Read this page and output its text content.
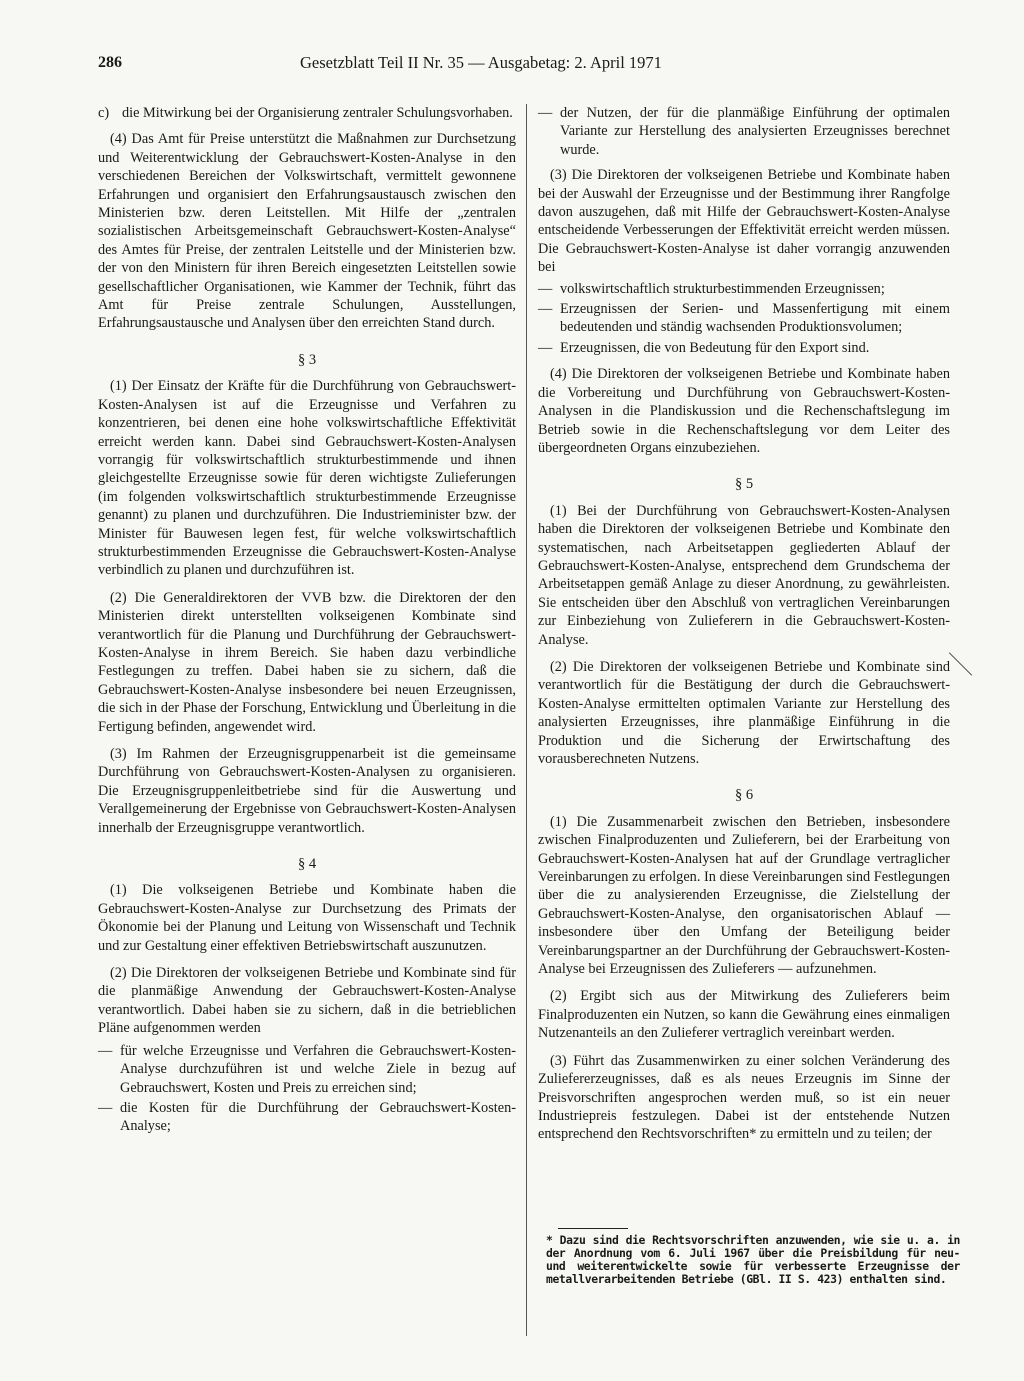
286	Gesetzblatt Teil II Nr. 35 — Ausgabetag: 2. April 1971
c) die Mitwirkung bei der Organisierung zentraler Schulungsvorhaben.

(4) Das Amt für Preise unterstützt die Maßnahmen zur Durchsetzung und Weiterentwicklung der Gebrauchswert-Kosten-Analyse in den verschiedenen Bereichen der Volkswirtschaft, vermittelt gewonnene Erfahrungen und organisiert den Erfahrungsaustausch zwischen den Ministerien bzw. deren Leitstellen. Mit Hilfe der „zentralen sozialistischen Arbeitsgemeinschaft Gebrauchswert-Kosten-Analyse“ des Amtes für Preise, der zentralen Leitstelle und der Ministerien bzw. der von den Ministern für ihren Bereich eingesetzten Leitstellen sowie gesellschaftlicher Organisationen, wie Kammer der Technik, führt das Amt für Preise zentrale Schulungen, Ausstellungen, Erfahrungsaustausche und Analysen über den erreichten Stand durch.

§ 3

(1) Der Einsatz der Kräfte für die Durchführung von Gebrauchswert-Kosten-Analysen ist auf die Erzeugnisse und Verfahren zu konzentrieren, bei denen eine hohe volkswirtschaftliche Effektivität erreicht werden kann. Dabei sind Gebrauchswert-Kosten-Analysen vorrangig für volkswirtschaftlich strukturbestimmende und ihnen gleichgestellte Erzeugnisse sowie für deren wichtigste Zulieferungen (im folgenden volkswirtschaftlich strukturbestimmende Erzeugnisse genannt) zu planen und durchzuführen. Die Industrieminister bzw. der Minister für Bauwesen legen fest, für welche volkswirtschaftlich strukturbestimmenden Erzeugnisse die Gebrauchswert-Kosten-Analyse verbindlich zu planen und durchzuführen ist.

(2) Die Generaldirektoren der VVB bzw. die Direktoren der den Ministerien direkt unterstellten volkseigenen Kombinate sind verantwortlich für die Planung und Durchführung der Gebrauchswert-Kosten-Analyse in ihrem Bereich. Sie haben dazu verbindliche Festlegungen zu treffen. Dabei haben sie zu sichern, daß die Gebrauchswert-Kosten-Analyse insbesondere bei neuen Erzeugnissen, die sich in der Phase der Forschung, Entwicklung und Überleitung in die Fertigung befinden, angewendet wird.

(3) Im Rahmen der Erzeugnisgruppenarbeit ist die gemeinsame Durchführung von Gebrauchswert-Kosten-Analysen zu organisieren. Die Erzeugnisgruppenleitbetriebe sind für die Auswertung und Verallgemeinerung der Ergebnisse von Gebrauchswert-Kosten-Analysen innerhalb der Erzeugnisgruppe verantwortlich.

§ 4

(1) Die volkseigenen Betriebe und Kombinate haben die Gebrauchswert-Kosten-Analyse zur Durchsetzung des Primats der Ökonomie bei der Planung und Leitung von Wissenschaft und Technik und zur Gestaltung einer effektiven Betriebswirtschaft auszunutzen.

(2) Die Direktoren der volkseigenen Betriebe und Kombinate sind für die planmäßige Anwendung der Gebrauchswert-Kosten-Analyse verantwortlich. Dabei haben sie zu sichern, daß in die betrieblichen Pläne aufgenommen werden

— für welche Erzeugnisse und Verfahren die Gebrauchswert-Kosten-Analyse durchzuführen ist und welche Ziele in bezug auf Gebrauchswert, Kosten und Preis zu erreichen sind;
— die Kosten für die Durchführung der Gebrauchswert-Kosten-Analyse;
— der Nutzen, der für die planmäßige Einführung der optimalen Variante zur Herstellung des analysierten Erzeugnisses berechnet wurde.

(3) Die Direktoren der volkseigenen Betriebe und Kombinate haben bei der Auswahl der Erzeugnisse und der Bestimmung ihrer Rangfolge davon auszugehen, daß mit Hilfe der Gebrauchswert-Kosten-Analyse entscheidende Verbesserungen der Effektivität erreicht werden müssen. Die Gebrauchswert-Kosten-Analyse ist daher vorrangig anzuwenden bei

— volkswirtschaftlich strukturbestimmenden Erzeugnissen;
— Erzeugnissen der Serien- und Massenfertigung mit einem bedeutenden und ständig wachsenden Produktionsvolumen;
— Erzeugnissen, die von Bedeutung für den Export sind.

(4) Die Direktoren der volkseigenen Betriebe und Kombinate haben die Vorbereitung und Durchführung von Gebrauchswert-Kosten-Analysen in die Plandiskussion und die Rechenschaftslegung im Betrieb sowie in die Rechenschaftslegung vor dem Leiter des übergeordneten Organs einzubeziehen.

§ 5

(1) Bei der Durchführung von Gebrauchswert-Kosten-Analysen haben die Direktoren der volkseigenen Betriebe und Kombinate den systematischen, nach Arbeitsetappen gegliederten Ablauf der Gebrauchswert-Kosten-Analyse, entsprechend dem Grundschema der Arbeitsetappen gemäß Anlage zu dieser Anordnung, zu gewährleisten. Sie entscheiden über den Abschluß von vertraglichen Vereinbarungen zur Einbeziehung von Zulieferern in die Gebrauchswert-Kosten-Analyse.

(2) Die Direktoren der volkseigenen Betriebe und Kombinate sind verantwortlich für die Bestätigung der durch die Gebrauchswert-Kosten-Analyse ermittelten optimalen Variante zur Herstellung des analysierten Erzeugnisses, ihre planmäßige Einführung in die Produktion und die Sicherung der Erwirtschaftung des vorausberechneten Nutzens.

§ 6

(1) Die Zusammenarbeit zwischen den Betrieben, insbesondere zwischen Finalproduzenten und Zulieferern, bei der Erarbeitung von Gebrauchswert-Kosten-Analysen hat auf der Grundlage vertraglicher Vereinbarungen zu erfolgen. In diese Vereinbarungen sind Festlegungen über die zu analysierenden Erzeugnisse, die Zielstellung der Gebrauchswert-Kosten-Analyse, den organisatorischen Ablauf — insbesondere über den Umfang der Beteiligung beider Vereinbarungspartner an der Durchführung der Gebrauchswert-Kosten-Analyse bei Erzeugnissen des Zulieferers — aufzunehmen.

(2) Ergibt sich aus der Mitwirkung des Zulieferers beim Finalproduzenten ein Nutzen, so kann die Gewährung eines einmaligen Nutzenanteils an den Zulieferer vertraglich vereinbart werden.

(3) Führt das Zusammenwirken zu einer solchen Veränderung des Zuliefererzeugnisses, daß es als neues Erzeugnis im Sinne der Preisvorschriften angesprochen werden muß, so ist ein neuer Industriepreis festzulegen. Dabei ist der entstehende Nutzen entsprechend den Rechtsvorschriften* zu ermitteln und zu teilen; der

* Dazu sind die Rechtsvorschriften anzuwenden, wie sie u. a. in der Anordnung vom 6. Juli 1967 über die Preisbildung für neu- und weiterentwickelte sowie für verbesserte Erzeugnisse der metallverarbeitenden Betriebe (GBl. II S. 423) enthalten sind.
